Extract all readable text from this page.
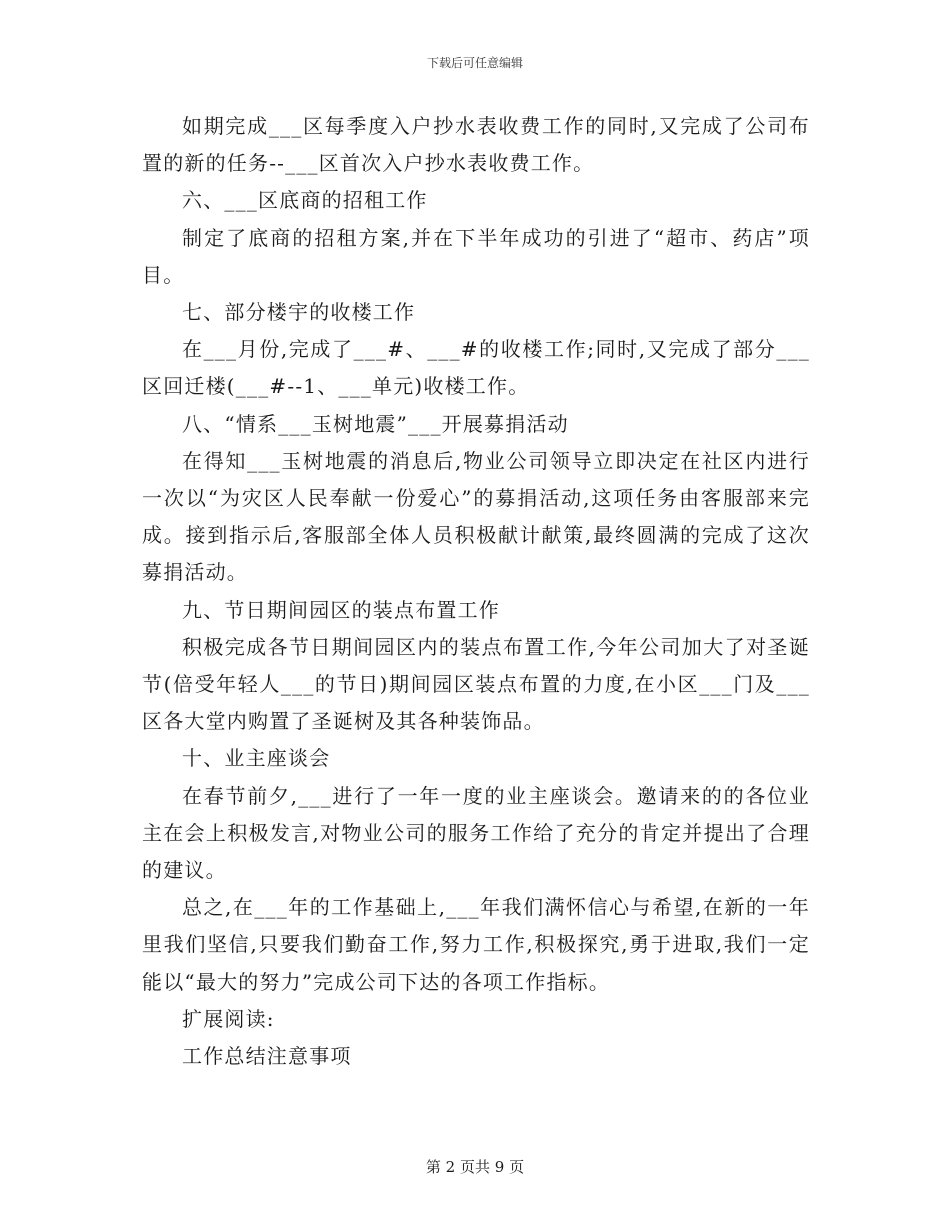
下载后可任意编辑

如期完成___区每季度入户抄水表收费工作的同时,又完成了公司布置的新的任务--___区首次入户抄水表收费工作。

六、___区底商的招租工作

制定了底商的招租方案,并在下半年成功的引进了“超市、药店”项目。

七、部分楼宇的收楼工作

在___月份,完成了___#、___#的收楼工作;同时,又完成了部分___区回迁楼(___#--1、___单元)收楼工作。

八、“情系___玉树地震”___开展募捐活动

在得知___玉树地震的消息后,物业公司领导立即决定在社区内进行一次以“为灾区人民奉献一份爱心”的募捐活动,这项任务由客服部来完成。接到指示后,客服部全体人员积极献计献策,最终圆满的完成了这次募捐活动。

九、节日期间园区的装点布置工作

积极完成各节日期间园区内的装点布置工作,今年公司加大了对圣诞节(倍受年轻人___的节日)期间园区装点布置的力度,在小区___门及___区各大堂内购置了圣诞树及其各种装饰品。

十、业主座谈会

在春节前夕,___进行了一年一度的业主座谈会。邀请来的的各位业主在会上积极发言,对物业公司的服务工作给了充分的肯定并提出了合理的建议。

总之,在___年的工作基础上,___年我们满怀信心与希望,在新的一年里我们坚信,只要我们勤奋工作,努力工作,积极探究,勇于进取,我们一定能以“最大的努力”完成公司下达的各项工作指标。

扩展阅读:

工作总结注意事项

第 2 页共 9 页
